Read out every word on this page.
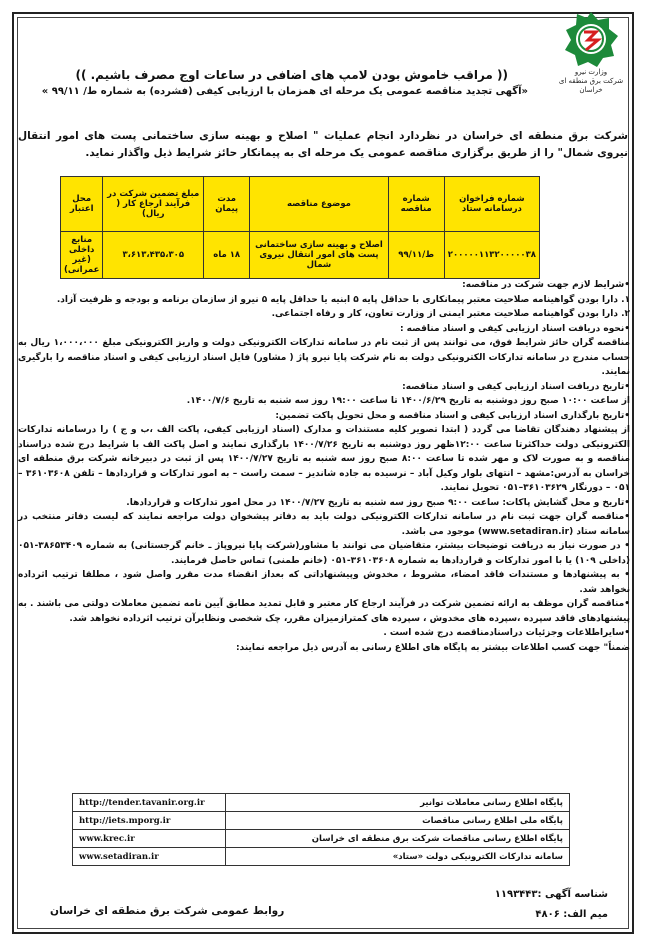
وزارت نیرو
شرکت برق منطقه ای خراسان
(( مراقب خاموش بودن لامپ های اضافی در ساعات اوج مصرف باشیم. ))
«آگهی تجدید مناقصه عمومی یک مرحله ای همزمان با ارزیابی کیفی (فشرده) به شماره ط/ ۹۹/۱۱ »
شرکت برق منطقه ای خراسان در نظردارد انجام عملیات " اصلاح و بهینه سازی ساختمانی پست های امور انتقال نیروی شمال" را از طریق برگزاری مناقصه عمومی یک مرحله ای به پیمانکار حائز شرایط ذیل واگذار نماید.
شماره فراخوان درسامانه ستاد	شماره مناقصه	موضوع مناقصه	مدت پیمان	مبلغ تضمین شرکت در فرآیند ارجاع کار ( ریال)	محل اعتبار
۲۰۰۰۰۰۱۱۳۲۰۰۰۰۰۳۸	ط/۹۹/۱۱	اصلاح و بهینه سازی ساختمانی پست های امور انتقال نیروی شمال	۱۸ ماه	۳،۶۱۳،۴۳۵،۳۰۵	منابع داخلی (غیر عمرانی)

•شرایط لازم جهت شرکت در مناقصه:

۱. دارا بودن گواهینامه صلاحیت معتبر پیمانکاری با حداقل پایه ۵ ابنیه یا حداقل پایه ۵ نیرو از سازمان برنامه و بودجه و ظرفیت آزاد.

۲. دارا بودن گواهینامه صلاحیت معتبر ایمنی از وزارت تعاون، کار و رفاه اجتماعی.

•نحوه دریافت اسناد ارزیابی کیفی و اسناد مناقصه :

مناقصه گران حائز شرایط فوق، می توانند پس از ثبت نام در سامانه تدارکات الکترونیکی دولت و واریز الکترونیکی مبلغ ۱،۰۰۰،۰۰۰ ریال به حساب مندرج در سامانه تدارکات الکترونیکی دولت به نام شرکت پایا نیرو پاژ ( مشاور) فایل اسناد ارزیابی کیفی و اسناد مناقصه را بارگیری نمایند.

•تاریخ دریافت اسناد ارزیابی کیفی و اسناد مناقصه:

از ساعت ۱۰:۰۰ صبح روز دوشنبه به تاریخ ۱۴۰۰/۶/۲۹ تا ساعت ۱۹:۰۰ روز سه شنبه به تاریخ ۱۴۰۰/۷/۶.

•تاریخ بارگذاری اسناد ارزیابی کیفی و اسناد مناقصه و محل تحویل پاکت تضمین:

از پیشنهاد دهندگان تقاضا می گردد ( ابتدا تصویر کلیه مستندات و مدارک (اسناد ارزیابی کیفی، پاکت الف ،ب و ج ) را درسامانه تدارکات الکترونیکی دولت حداکثرتا ساعت ۱۲:۰۰ظهر روز دوشنبه به تاریخ ۱۴۰۰/۷/۲۶ بارگذاری نمایند و اصل پاکت الف با شرایط درج شده دراسناد مناقصه و به صورت لاک و مهر شده تا ساعت ۸:۰۰ صبح روز سه شنبه به تاریخ ۱۴۰۰/۷/۲۷ پس از ثبت در دبیرخانه شرکت برق منطقه ای خراسان به آدرس:مشهد – انتهای بلوار وکیل آباد – نرسیده به جاده شاندیز – سمت راست – به امور تدارکات و قراردادها – تلفن ۳۶۱۰۳۶۰۸ – ۰۵۱ – دورنگار ۳۶۱۰۳۶۲۹–۰۵۱ تحویل نمایند.

•تاریخ و محل گشایش پاکات: ساعت ۹:۰۰ صبح روز سه شنبه به تاریخ ۱۴۰۰/۷/۲۷ در محل امور تدارکات و قراردادها.

•مناقصه گران جهت ثبت نام در سامانه تدارکات الکترونیکی دولت باید به دفاتر پیشخوان دولت مراجعه نمایند که لیست دفاتر منتخب در سامانه ستاد (www.setadiran.ir) موجود می باشد.

• در صورت نیاز به دریافت توضیحات بیشتر، متقاضیان می توانند با مشاور(شرکت پایا نیروپاژ ـ خانم گرجستانی) به شماره ۳۸۶۵۳۴۰۹-۰۵۱ (داخلی ۱۰۹) یا با امور تدارکات و قراردادها به شماره ۳۶۱۰۳۶۰۸-۰۵۱ (خانم طمنی) تماس حاصل فرمایند.

• به پیشنهادها و مستندات فاقد امضاء، مشروط ، مخدوش وپیشنهاداتی که بعداز انقضاء مدت مقرر واصل شود ، مطلقا ترتیب اثرداده نخواهد شد.

•مناقصه گران موظف به ارائه تضمین شرکت در فرآیند ارجاع کار معتبر و قابل تمدید مطابق آیین نامه تضمین معاملات دولتی می باشند . به پیشنهادهای فاقد سپرده ،سپرده های مخدوش ، سپرده های کمترازمیزان مقرر، چک شخصی ونظایرآن ترتیب اثرداده نخواهد شد.

•سایراطلاعات وجزئیات دراسنادمناقصه درج شده است .

ضمناً" جهت کسب اطلاعات بیشتر به پایگاه های اطلاع رسانی به آدرس ذیل مراجعه نمایند:

پایگاه اطلاع رسانی معاملات توانیر	http://tender.tavanir.org.ir
پایگاه ملی اطلاع رسانی مناقصات	http://iets.mporg.ir
پایگاه اطلاع رسانی مناقصات شرکت برق منطقه ای خراسان	www.krec.ir
سامانه تدارکات الکترونیکی دولت «ستاد»	www.setadiran.ir
شناسه آگهی :۱۱۹۳۴۴۳
میم الف: ۴۸۰۶
روابط عمومی شرکت برق منطقه ای خراسان
